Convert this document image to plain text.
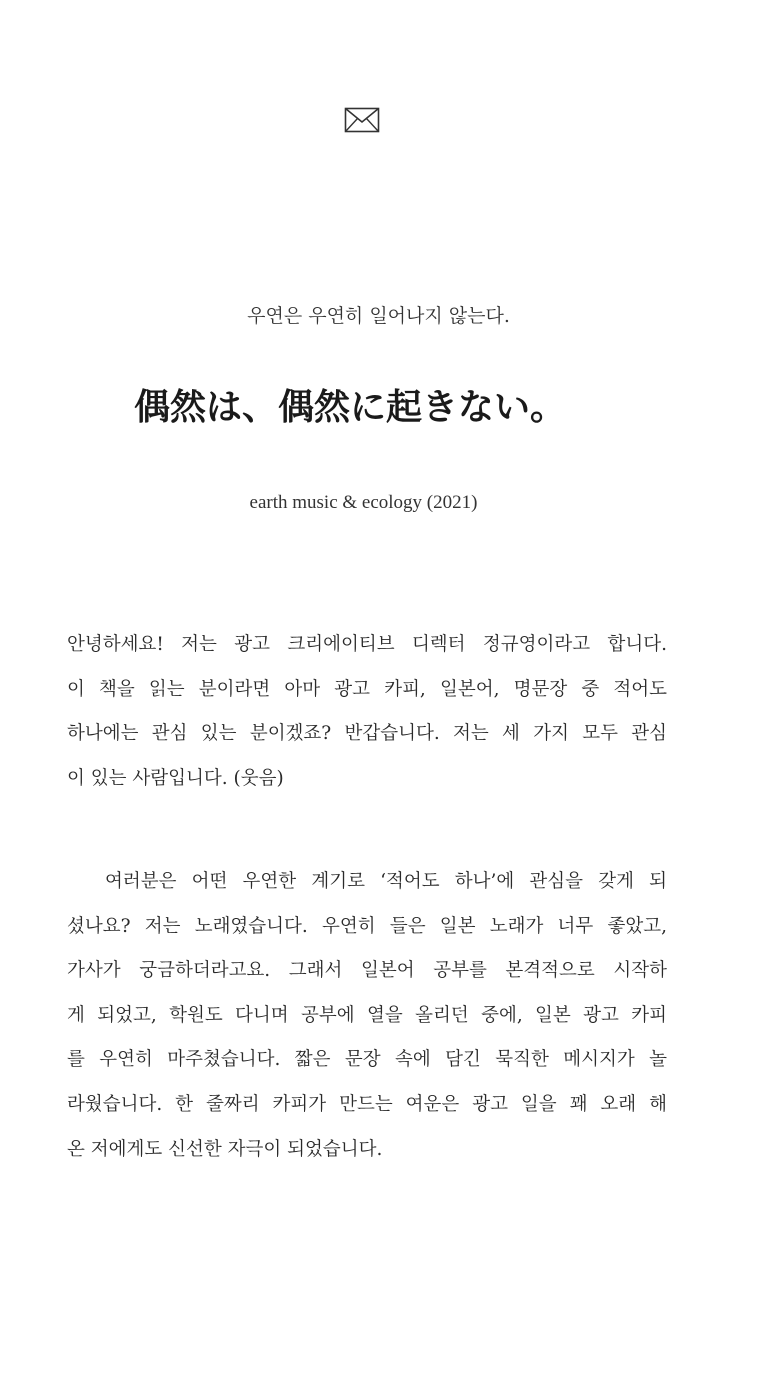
우연은 우연히 일어나지 않는다.
偶然は、偶然に起きない。
earth music & ecology (2021)
안녕하세요! 저는 광고 크리에이티브 디렉터 정규영이라고 합니다.
이 책을 읽는 분이라면 아마 광고 카피, 일본어, 명문장 중 적어도
하나에는 관심 있는 분이겠죠? 반갑습니다. 저는 세 가지 모두 관심
이 있는 사람입니다. (웃음)
여러분은 어떤 우연한 계기로 ‘적어도 하나’에 관심을 갖게 되
셨나요? 저는 노래였습니다. 우연히 들은 일본 노래가 너무 좋았고,
가사가 궁금하더라고요. 그래서 일본어 공부를 본격적으로 시작하
게 되었고, 학원도 다니며 공부에 열을 올리던 중에, 일본 광고 카피
를 우연히 마주쳤습니다. 짧은 문장 속에 담긴 묵직한 메시지가 놀
라웠습니다. 한 줄짜리 카피가 만드는 여운은 광고 일을 꽤 오래 해
온 저에게도 신선한 자극이 되었습니다.
